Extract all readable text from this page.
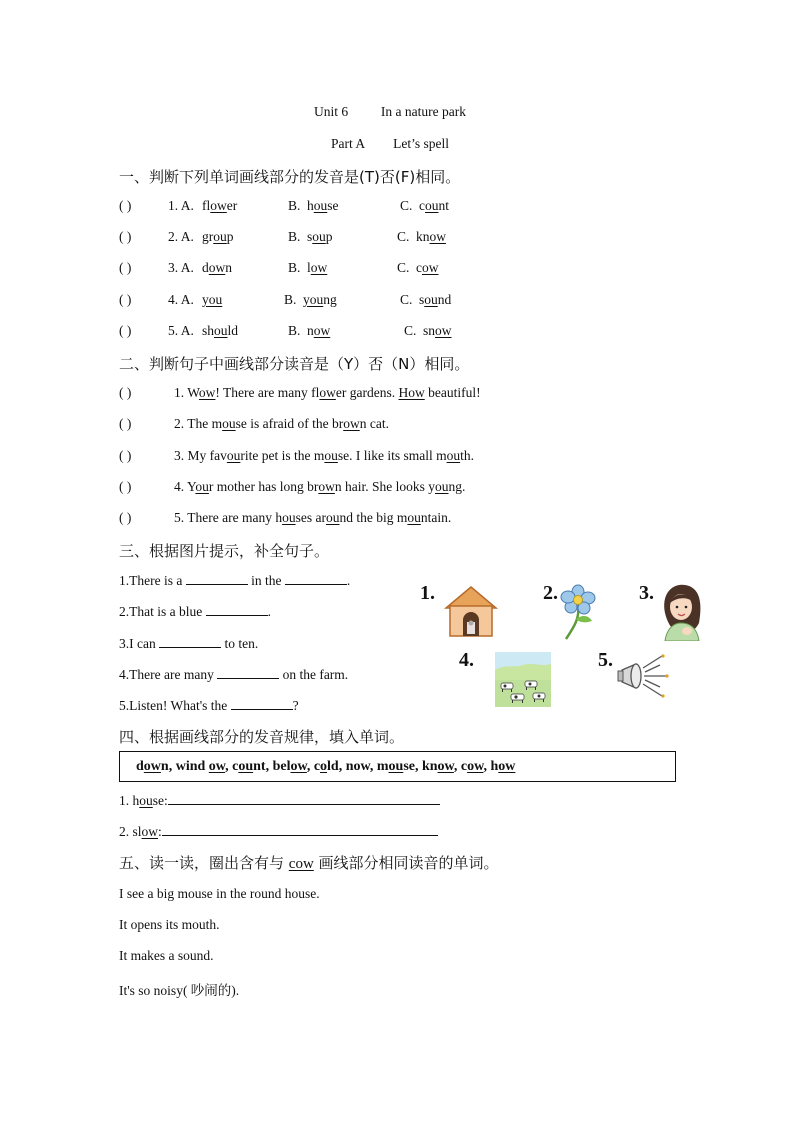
Unit 6 In a nature park
Part A Let’s spell
一、判断下列单词画线部分的发音是(T)否(F)相同。
( )	1. A. flower	B. house	C. count
( )	2. A. group	B. soup	C. know
( )	3. A. down	B. low	C. cow
( )	4. A. you	B. young	C. sound
( )	5. A. should	B. now	C. snow
二、判断句子中画线部分读音是（Y）否（N）相同。
( )	1. Wow! There are many flower gardens. How beautiful!
( )	2. The mouse is afraid of the brown cat.
( )	3. My favourite pet is the mouse. I like its small mouth.
( )	4. Your mother has long brown hair. She looks young.
( )	5. There are many houses around the big mountain.
三、根据图片提示，补全句子。
1.There is a	in the	.
2.That is a blue	.
3.I can	to ten.
4.There are many	on the farm.
5.Listen! What's the	?
1.	2.	3.
4.	5.
四、根据画线部分的发音规律，填入单词。
down, wind ow, count, below, cold, now, mouse, know, cow, how
1. house:
2. slow:
五、读一读，圈出含有与 cow 画线部分相同读音的单词。
I see a big mouse in the round house.
It opens its mouth.
It makes a sound.
It's so noisy( 吵闹的).
